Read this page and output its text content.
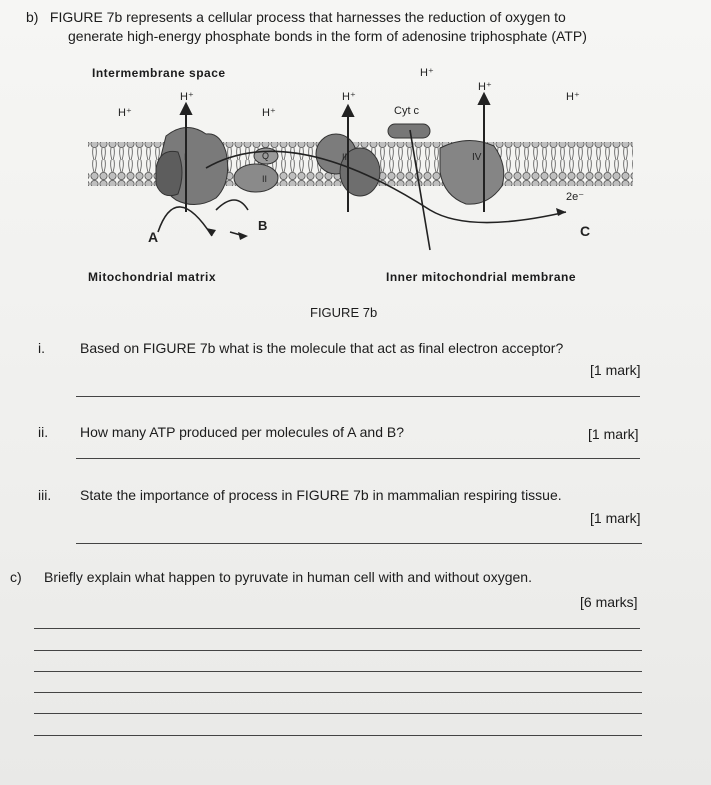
b) FIGURE 7b represents a cellular process that harnesses the reduction of oxygen to
generate high-energy phosphate bonds in the form of adenosine triphosphate (ATP)
Intermembrane space
H⁺
H⁺
H⁺
H⁺
H⁺
H⁺
H⁺
Cyt c
Q
I
II
III	IV
2e⁻
A
B	C
Mitochondrial matrix	Inner mitochondrial membrane
FIGURE 7b
i.	Based on FIGURE 7b what is the molecule that act as final electron acceptor?
[1 mark]
ii. How many ATP produced per molecules of A and B?	[1 mark]
iii. State the importance of process in FIGURE 7b in mammalian respiring tissue.
[1 mark]
c) Briefly explain what happen to pyruvate in human cell with and without oxygen.
[6 marks]
